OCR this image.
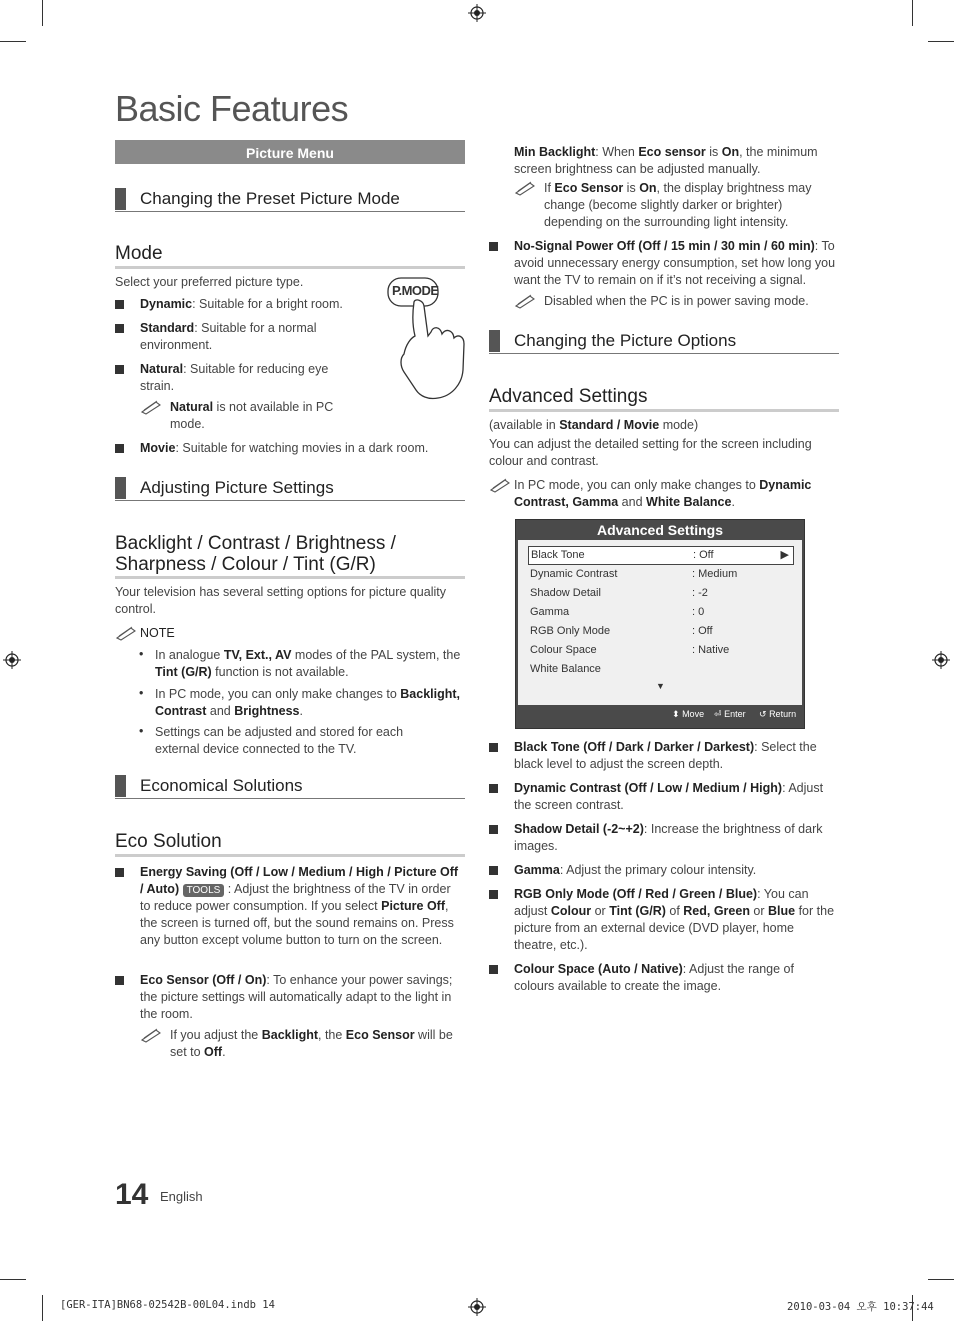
Basic Features
Picture Menu
Changing the Preset Picture Mode
Mode
Select your preferred picture type.
P.MODE
Dynamic: Suitable for a bright room.
Standard: Suitable for a normal environment.
Natural: Suitable for reducing eye strain.
Natural is not available in PC mode.
Movie: Suitable for watching movies in a dark room.
Adjusting Picture Settings
Backlight / Contrast / Brightness / Sharpness / Colour / Tint (G/R)
Your television has several setting options for picture quality control.
NOTE
• In analogue TV, Ext., AV modes of the PAL system, the Tint (G/R) function is not available.
• In PC mode, you can only make changes to Backlight, Contrast and Brightness.
• Settings can be adjusted and stored for each external device connected to the TV.
Economical Solutions
Eco Solution
Energy Saving (Off / Low / Medium / High / Picture Off / Auto) TOOLS : Adjust the brightness of the TV in order to reduce power consumption. If you select Picture Off, the screen is turned off, but the sound remains on. Press any button except volume button to turn on the screen.
Eco Sensor (Off / On): To enhance your power savings; the picture settings will automatically adapt to the light in the room.
If you adjust the Backlight, the Eco Sensor will be set to Off.
Min Backlight: When Eco sensor is On, the minimum screen brightness can be adjusted manually.
If Eco Sensor is On, the display brightness may change (become slightly darker or brighter) depending on the surrounding light intensity.
No-Signal Power Off (Off / 15 min / 30 min / 60 min): To avoid unnecessary energy consumption, set how long you want the TV to remain on if it’s not receiving a signal.
Disabled when the PC is in power saving mode.
Changing the Picture Options
Advanced Settings
(available in Standard / Movie mode)
You can adjust the detailed setting for the screen including colour and contrast.
In PC mode, you can only make changes to Dynamic Contrast, Gamma and White Balance.
Advanced Settings
Black Tone	: Off	▶
Dynamic Contrast	: Medium
Shadow Detail	: -2
Gamma	: 0
RGB Only Mode	: Off
Colour Space	: Native
White Balance
▼
⬍ Move ⏎ Enter ↺ Return
Black Tone (Off / Dark / Darker / Darkest): Select the black level to adjust the screen depth.
Dynamic Contrast (Off / Low / Medium / High): Adjust the screen contrast.
Shadow Detail (-2~+2): Increase the brightness of dark images.
Gamma: Adjust the primary colour intensity.
RGB Only Mode (Off / Red / Green / Blue): You can adjust Colour or Tint (G/R) of Red, Green or Blue for the picture from an external device (DVD player, home theatre, etc.).
Colour Space (Auto / Native): Adjust the range of colours available to create the image.
14 English
[GER-ITA]BN68-02542B-00L04.indb 14	2010-03-04 오후 10:37:44
